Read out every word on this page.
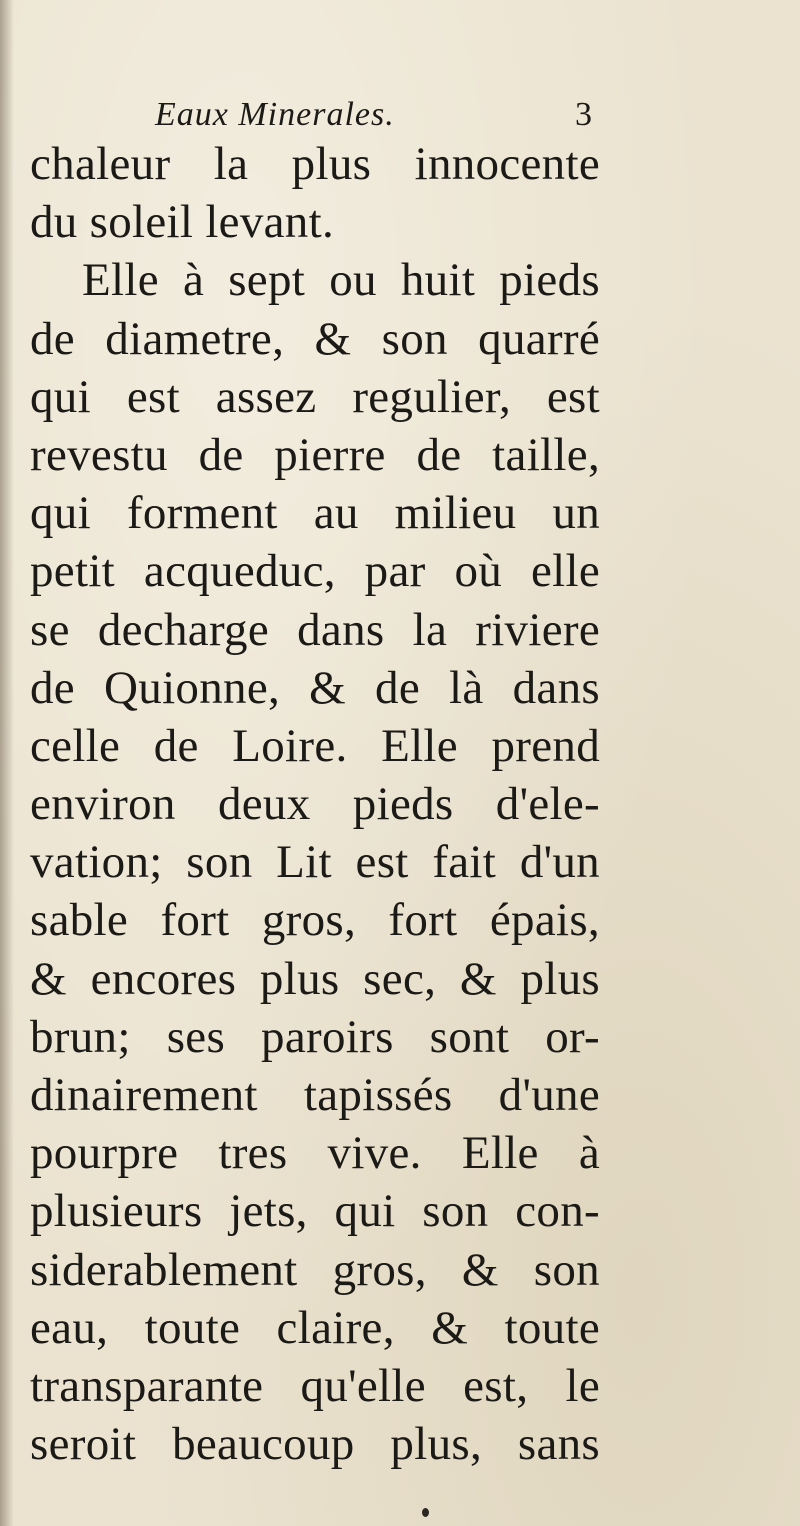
Eaux Minerales.	3
chaleur la plus innocente
du soleil levant.
Elle à sept ou huit pieds
de diametre, & son quarré
qui est assez regulier, est
revestu de pierre de taille,
qui forment au milieu un
petit acqueduc, par où elle
se decharge dans la riviere
de Quionne, & de là dans
celle de Loire. Elle prend
environ deux pieds d'ele-
vation; son Lit est fait d'un
sable fort gros, fort épais,
& encores plus sec, & plus
brun; ses paroirs sont or-
dinairement tapissés d'une
pourpre tres vive. Elle à
plusieurs jets, qui son con-
siderablement gros, & son
eau, toute claire, & toute
transparante qu'elle est, le
seroit beaucoup plus, sans
